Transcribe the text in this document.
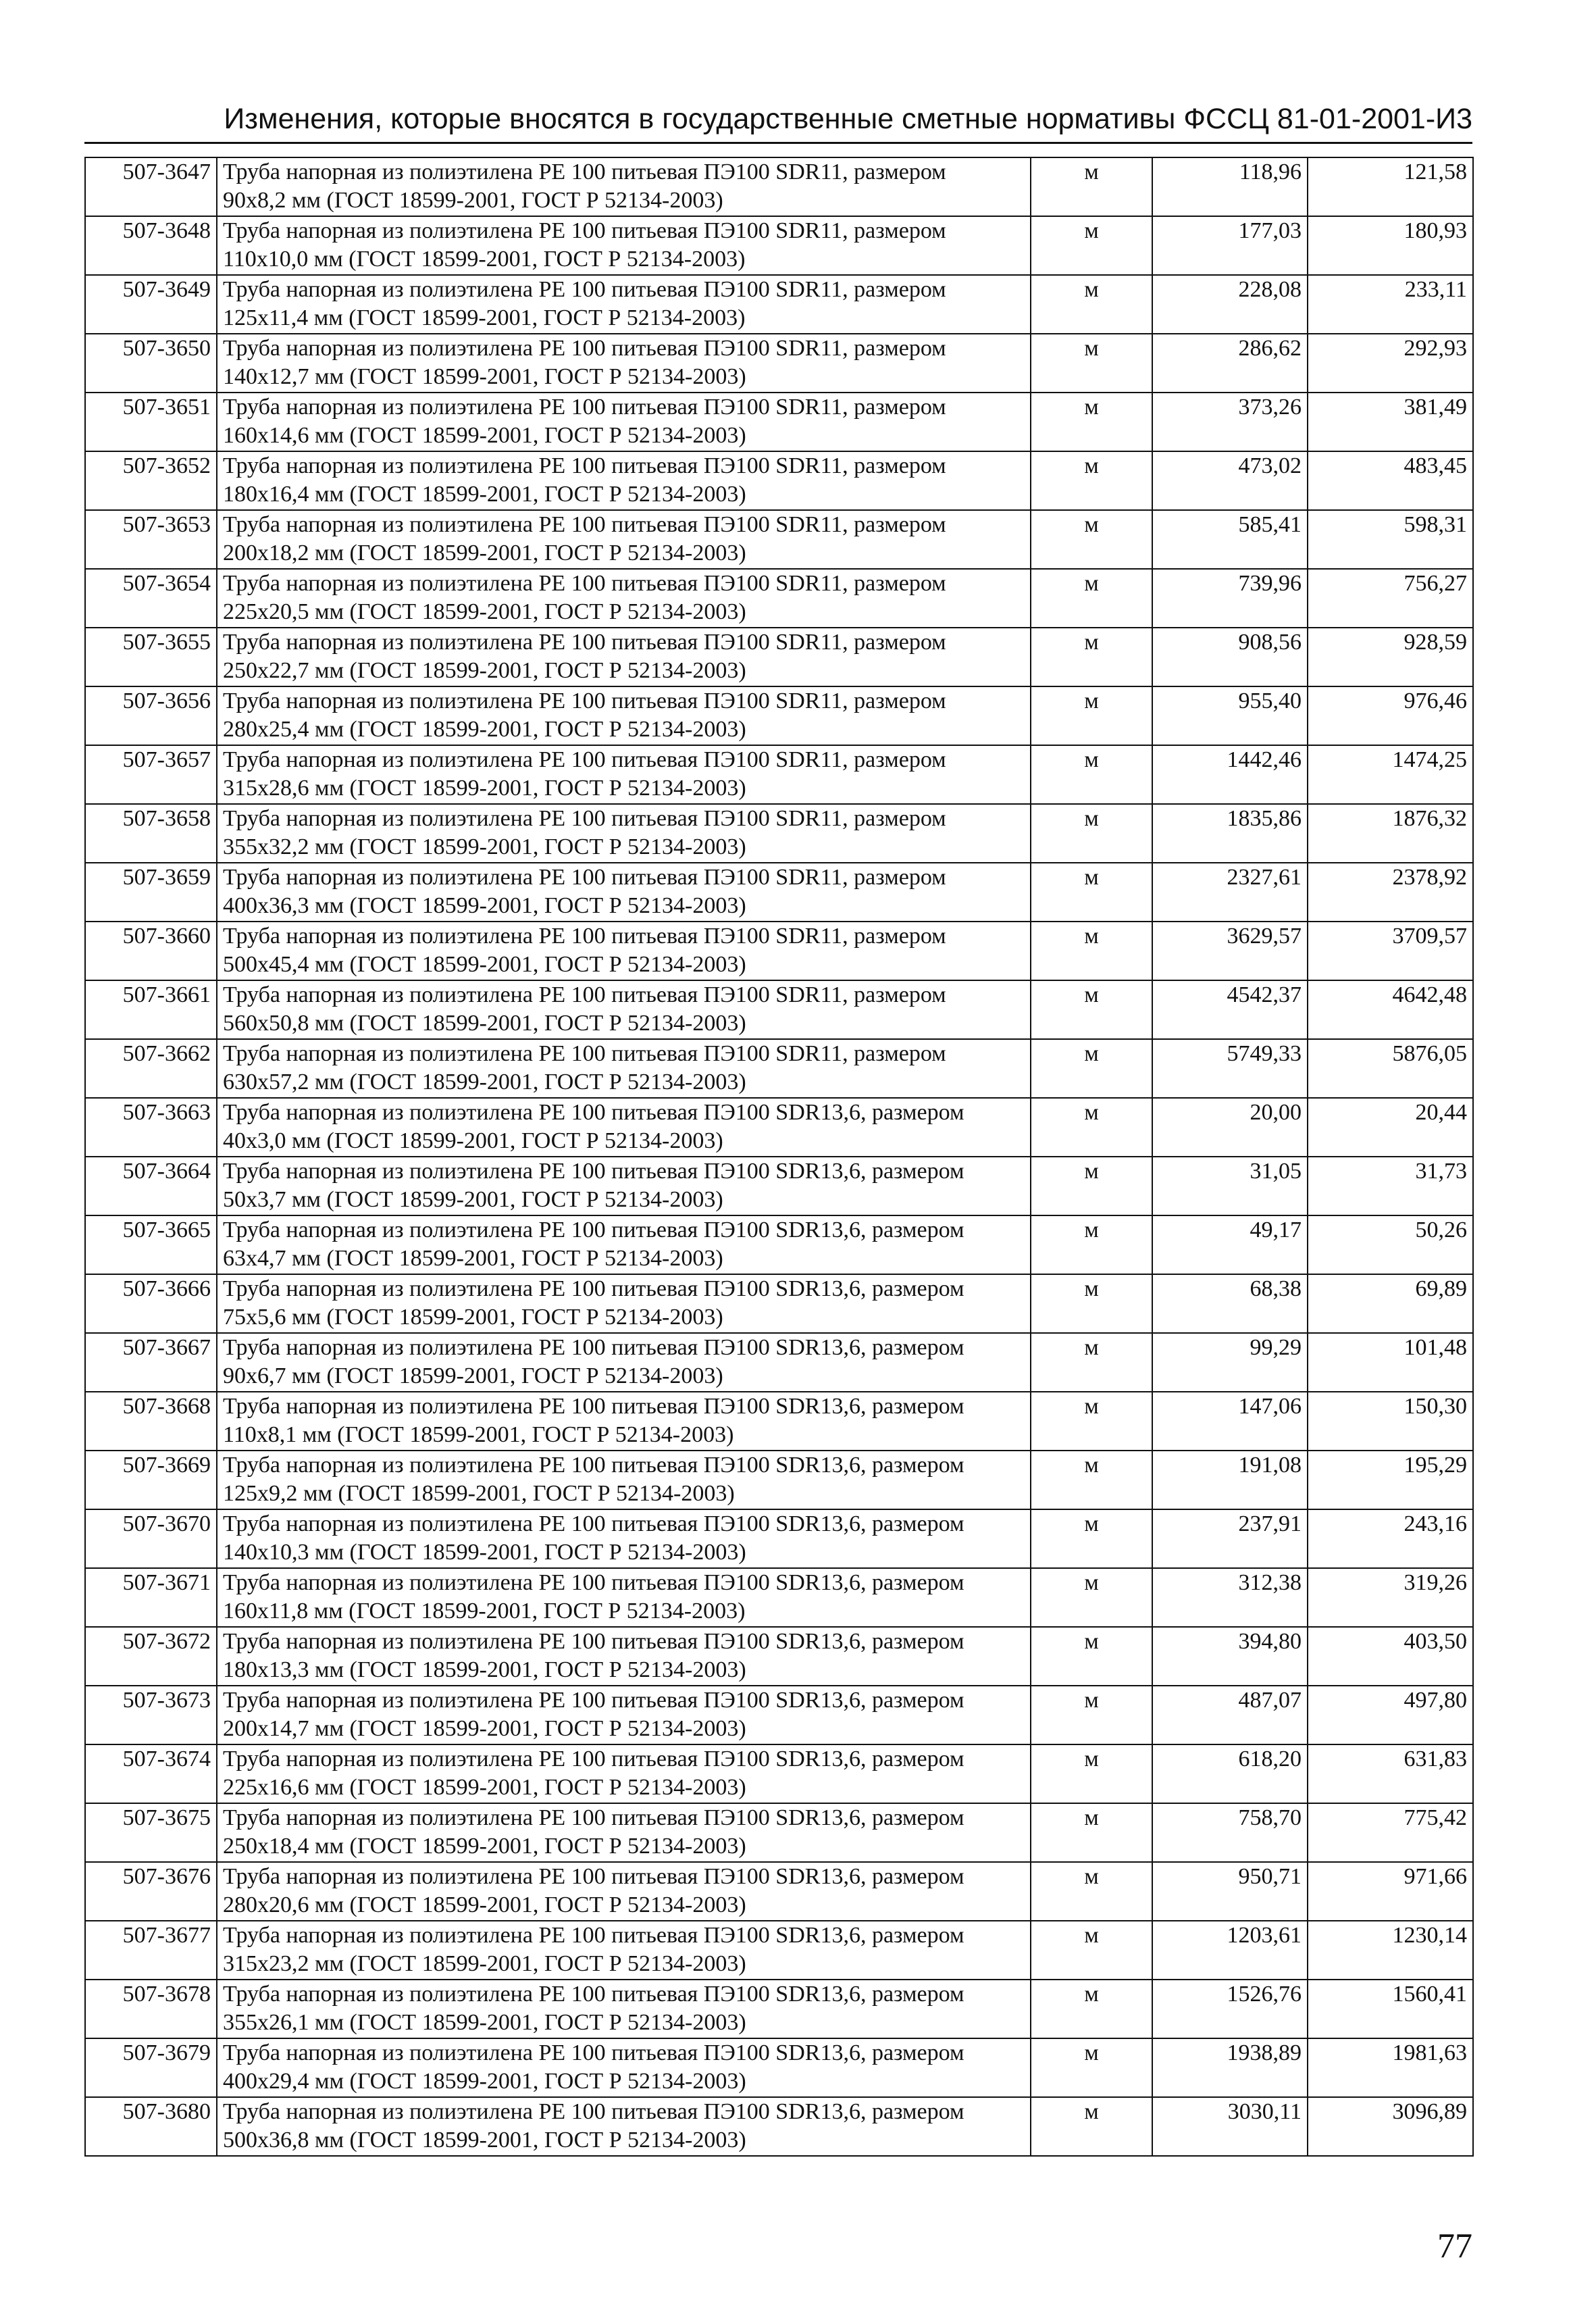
Изменения, которые вносятся в государственные сметные нормативы ФССЦ 81-01-2001-И3
507-3647	Труба напорная из полиэтилена PE 100 питьевая ПЭ100 SDR11, размером
90х8,2 мм (ГОСТ 18599-2001, ГОСТ Р 52134-2003)	м	118,96	121,58
507-3648	Труба напорная из полиэтилена PE 100 питьевая ПЭ100 SDR11, размером
110х10,0 мм (ГОСТ 18599-2001, ГОСТ Р 52134-2003)	м	177,03	180,93
507-3649	Труба напорная из полиэтилена PE 100 питьевая ПЭ100 SDR11, размером
125х11,4 мм (ГОСТ 18599-2001, ГОСТ Р 52134-2003)	м	228,08	233,11
507-3650	Труба напорная из полиэтилена PE 100 питьевая ПЭ100 SDR11, размером
140х12,7 мм (ГОСТ 18599-2001, ГОСТ Р 52134-2003)	м	286,62	292,93
507-3651	Труба напорная из полиэтилена PE 100 питьевая ПЭ100 SDR11, размером
160х14,6 мм (ГОСТ 18599-2001, ГОСТ Р 52134-2003)	м	373,26	381,49
507-3652	Труба напорная из полиэтилена PE 100 питьевая ПЭ100 SDR11, размером
180х16,4 мм (ГОСТ 18599-2001, ГОСТ Р 52134-2003)	м	473,02	483,45
507-3653	Труба напорная из полиэтилена PE 100 питьевая ПЭ100 SDR11, размером
200х18,2 мм (ГОСТ 18599-2001, ГОСТ Р 52134-2003)	м	585,41	598,31
507-3654	Труба напорная из полиэтилена PE 100 питьевая ПЭ100 SDR11, размером
225х20,5 мм (ГОСТ 18599-2001, ГОСТ Р 52134-2003)	м	739,96	756,27
507-3655	Труба напорная из полиэтилена PE 100 питьевая ПЭ100 SDR11, размером
250х22,7 мм (ГОСТ 18599-2001, ГОСТ Р 52134-2003)	м	908,56	928,59
507-3656	Труба напорная из полиэтилена PE 100 питьевая ПЭ100 SDR11, размером
280х25,4 мм (ГОСТ 18599-2001, ГОСТ Р 52134-2003)	м	955,40	976,46
507-3657	Труба напорная из полиэтилена PE 100 питьевая ПЭ100 SDR11, размером
315х28,6 мм (ГОСТ 18599-2001, ГОСТ Р 52134-2003)	м	1442,46	1474,25
507-3658	Труба напорная из полиэтилена PE 100 питьевая ПЭ100 SDR11, размером
355х32,2 мм (ГОСТ 18599-2001, ГОСТ Р 52134-2003)	м	1835,86	1876,32
507-3659	Труба напорная из полиэтилена PE 100 питьевая ПЭ100 SDR11, размером
400х36,3 мм (ГОСТ 18599-2001, ГОСТ Р 52134-2003)	м	2327,61	2378,92
507-3660	Труба напорная из полиэтилена PE 100 питьевая ПЭ100 SDR11, размером
500х45,4 мм (ГОСТ 18599-2001, ГОСТ Р 52134-2003)	м	3629,57	3709,57
507-3661	Труба напорная из полиэтилена PE 100 питьевая ПЭ100 SDR11, размером
560х50,8 мм (ГОСТ 18599-2001, ГОСТ Р 52134-2003)	м	4542,37	4642,48
507-3662	Труба напорная из полиэтилена PE 100 питьевая ПЭ100 SDR11, размером
630х57,2 мм (ГОСТ 18599-2001, ГОСТ Р 52134-2003)	м	5749,33	5876,05
507-3663	Труба напорная из полиэтилена PE 100 питьевая ПЭ100 SDR13,6, размером
40х3,0 мм (ГОСТ 18599-2001, ГОСТ Р 52134-2003)	м	20,00	20,44
507-3664	Труба напорная из полиэтилена PE 100 питьевая ПЭ100 SDR13,6, размером
50х3,7 мм (ГОСТ 18599-2001, ГОСТ Р 52134-2003)	м	31,05	31,73
507-3665	Труба напорная из полиэтилена PE 100 питьевая ПЭ100 SDR13,6, размером
63х4,7 мм (ГОСТ 18599-2001, ГОСТ Р 52134-2003)	м	49,17	50,26
507-3666	Труба напорная из полиэтилена PE 100 питьевая ПЭ100 SDR13,6, размером
75х5,6 мм (ГОСТ 18599-2001, ГОСТ Р 52134-2003)	м	68,38	69,89
507-3667	Труба напорная из полиэтилена PE 100 питьевая ПЭ100 SDR13,6, размером
90х6,7 мм (ГОСТ 18599-2001, ГОСТ Р 52134-2003)	м	99,29	101,48
507-3668	Труба напорная из полиэтилена PE 100 питьевая ПЭ100 SDR13,6, размером
110х8,1 мм (ГОСТ 18599-2001, ГОСТ Р 52134-2003)	м	147,06	150,30
507-3669	Труба напорная из полиэтилена PE 100 питьевая ПЭ100 SDR13,6, размером
125х9,2 мм (ГОСТ 18599-2001, ГОСТ Р 52134-2003)	м	191,08	195,29
507-3670	Труба напорная из полиэтилена PE 100 питьевая ПЭ100 SDR13,6, размером
140х10,3 мм (ГОСТ 18599-2001, ГОСТ Р 52134-2003)	м	237,91	243,16
507-3671	Труба напорная из полиэтилена PE 100 питьевая ПЭ100 SDR13,6, размером
160х11,8 мм (ГОСТ 18599-2001, ГОСТ Р 52134-2003)	м	312,38	319,26
507-3672	Труба напорная из полиэтилена PE 100 питьевая ПЭ100 SDR13,6, размером
180х13,3 мм (ГОСТ 18599-2001, ГОСТ Р 52134-2003)	м	394,80	403,50
507-3673	Труба напорная из полиэтилена PE 100 питьевая ПЭ100 SDR13,6, размером
200х14,7 мм (ГОСТ 18599-2001, ГОСТ Р 52134-2003)	м	487,07	497,80
507-3674	Труба напорная из полиэтилена PE 100 питьевая ПЭ100 SDR13,6, размером
225х16,6 мм (ГОСТ 18599-2001, ГОСТ Р 52134-2003)	м	618,20	631,83
507-3675	Труба напорная из полиэтилена PE 100 питьевая ПЭ100 SDR13,6, размером
250х18,4 мм (ГОСТ 18599-2001, ГОСТ Р 52134-2003)	м	758,70	775,42
507-3676	Труба напорная из полиэтилена PE 100 питьевая ПЭ100 SDR13,6, размером
280х20,6 мм (ГОСТ 18599-2001, ГОСТ Р 52134-2003)	м	950,71	971,66
507-3677	Труба напорная из полиэтилена PE 100 питьевая ПЭ100 SDR13,6, размером
315х23,2 мм (ГОСТ 18599-2001, ГОСТ Р 52134-2003)	м	1203,61	1230,14
507-3678	Труба напорная из полиэтилена PE 100 питьевая ПЭ100 SDR13,6, размером
355х26,1 мм (ГОСТ 18599-2001, ГОСТ Р 52134-2003)	м	1526,76	1560,41
507-3679	Труба напорная из полиэтилена PE 100 питьевая ПЭ100 SDR13,6, размером
400х29,4 мм (ГОСТ 18599-2001, ГОСТ Р 52134-2003)	м	1938,89	1981,63
507-3680	Труба напорная из полиэтилена PE 100 питьевая ПЭ100 SDR13,6, размером
500х36,8 мм (ГОСТ 18599-2001, ГОСТ Р 52134-2003)	м	3030,11	3096,89
77
